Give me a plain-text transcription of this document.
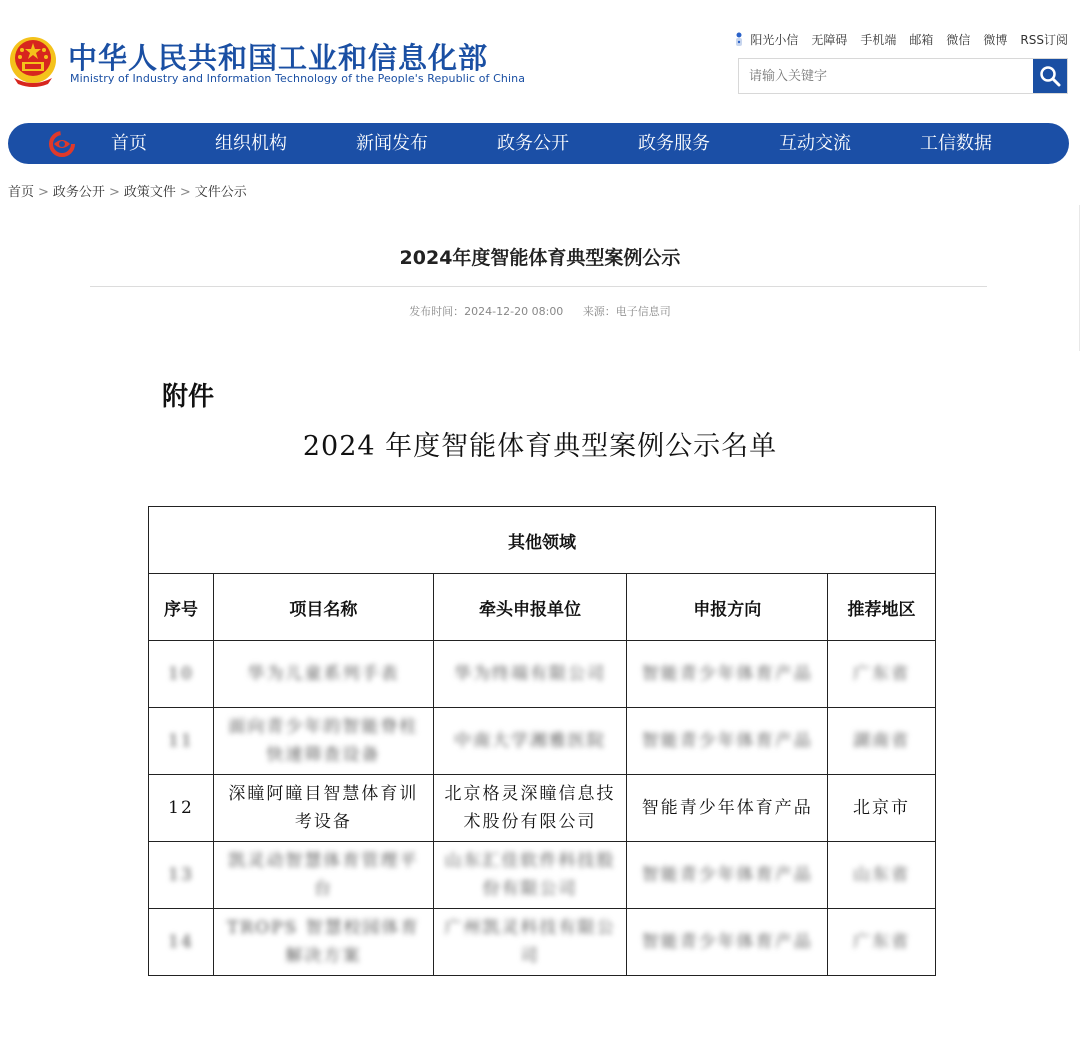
中华人民共和国工业和信息化部
Ministry of Industry and Information Technology of the People's Republic of China
阳光小信 无障碍 手机端 邮箱 微信 微博 RSS订阅
请输入关键字
首页	组织机构	新闻发布	政务公开	政务服务	互动交流	工信数据
首页 > 政务公开 > 政策文件 > 文件公示
2024年度智能体育典型案例公示
发布时间：2024-12-20 08:00 来源：电子信息司
附件
2024 年度智能体育典型案例公示名单
其他领域				
序号	项目名称	牵头申报单位	申报方向	推荐地区
10	华为儿童系列手表	华为终端有限公司	智能青少年体育产品	广东省
11	面向青少年的智能脊柱快速筛查设备	中南大学湘雅医院	智能青少年体育产品	湖南省
12	深瞳阿瞳目智慧体育训考设备	北京格灵深瞳信息技术股份有限公司	智能青少年体育产品	北京市
13	凯灵动智慧体育管理平台	山东汇佳软件科技股份有限公司	智能青少年体育产品	山东省
14	TROPS 智慧校园体育解决方案	广州凯灵科技有限公司	智能青少年体育产品	广东省
